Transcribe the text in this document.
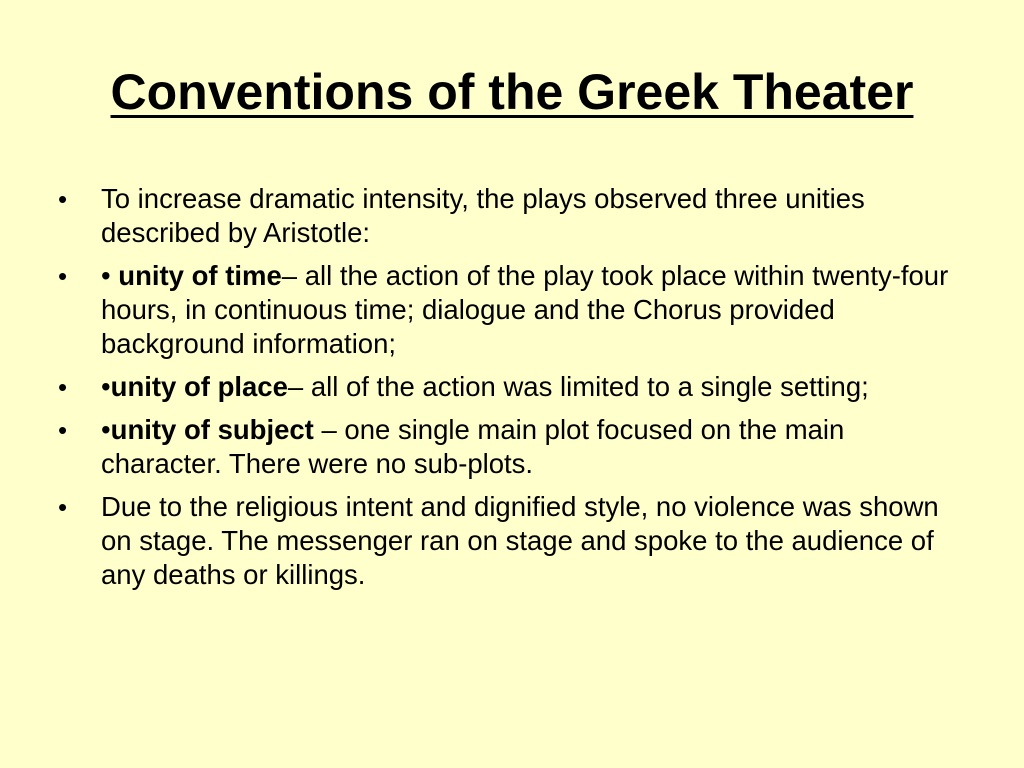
Conventions of the Greek Theater
• To increase dramatic intensity, the plays observed three unities described by Aristotle:
• • unity of time– all the action of the play took place within twenty-four hours, in continuous time; dialogue and the Chorus provided background information;
• •unity of place– all of the action was limited to a single setting;
• •unity of subject – one single main plot focused on the main character. There were no sub-plots.
• Due to the religious intent and dignified style, no violence was shown on stage. The messenger ran on stage and spoke to the audience of any deaths or killings.
